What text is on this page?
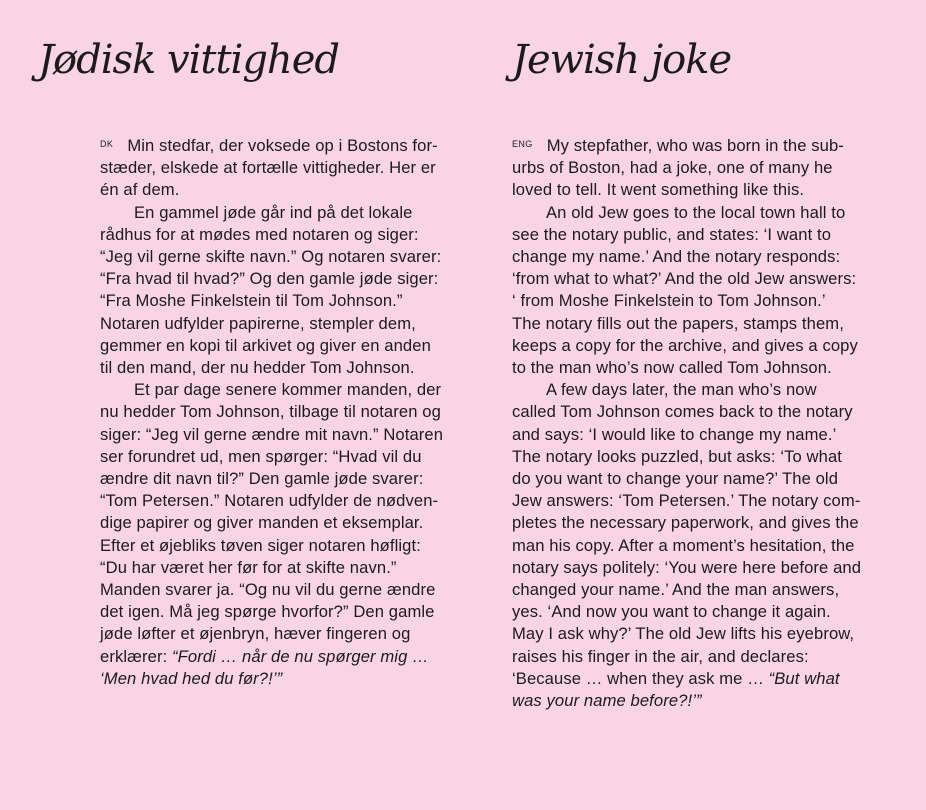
Jødisk vittighed	Jewish joke
$^{DK}$ Min stedfar, der voksede op i Bostons for-
stæder, elskede at fortælle vittigheder. Her er
én af dem.
En gammel jøde går ind på det lokale
rådhus for at mødes med notaren og siger:
“Jeg vil gerne skifte navn.” Og notaren svarer:
“Fra hvad til hvad?” Og den gamle jøde siger:
“Fra Moshe Finkelstein til Tom Johnson.”
Notaren udfylder papirerne, stempler dem,
gemmer en kopi til arkivet og giver en anden
til den mand, der nu hedder Tom Johnson.
Et par dage senere kommer manden, der
nu hedder Tom Johnson, tilbage til notaren og
siger: “Jeg vil gerne ændre mit navn.” Notaren
ser forundret ud, men spørger: “Hvad vil du
ændre dit navn til?” Den gamle jøde svarer:
“Tom Petersen.” Notaren udfylder de nødven-
dige papirer og giver manden et eksemplar.
Efter et øjebliks tøven siger notaren høfligt:
“Du har været her før for at skifte navn.”
Manden svarer ja. “Og nu vil du gerne ændre
det igen. Må jeg spørge hvorfor?” Den gamle
jøde løfter et øjenbryn, hæver fingeren og
erklærer: “Fordi … når de nu spørger mig …
‘Men hvad hed du før?!’”
$^{ENG}$ My stepfather, who was born in the sub-
urbs of Boston, had a joke, one of many he
loved to tell. It went something like this.
An old Jew goes to the local town hall to
see the notary public, and states: ‘I want to
change my name.’ And the notary responds:
‘from what to what?’ And the old Jew answers:
‘ from Moshe Finkelstein to Tom Johnson.’
The notary fills out the papers, stamps them,
keeps a copy for the archive, and gives a copy
to the man who’s now called Tom Johnson.
A few days later, the man who’s now
called Tom Johnson comes back to the notary
and says: ‘I would like to change my name.’
The notary looks puzzled, but asks: ‘To what
do you want to change your name?’ The old
Jew answers: ‘Tom Petersen.’ The notary com-
pletes the necessary paperwork, and gives the
man his copy. After a moment’s hesitation, the
notary says politely: ‘You were here before and
changed your name.’ And the man answers,
yes. ‘And now you want to change it again.
May I ask why?’ The old Jew lifts his eyebrow,
raises his finger in the air, and declares:
‘Because … when they ask me … “But what
was your name before?!’”
